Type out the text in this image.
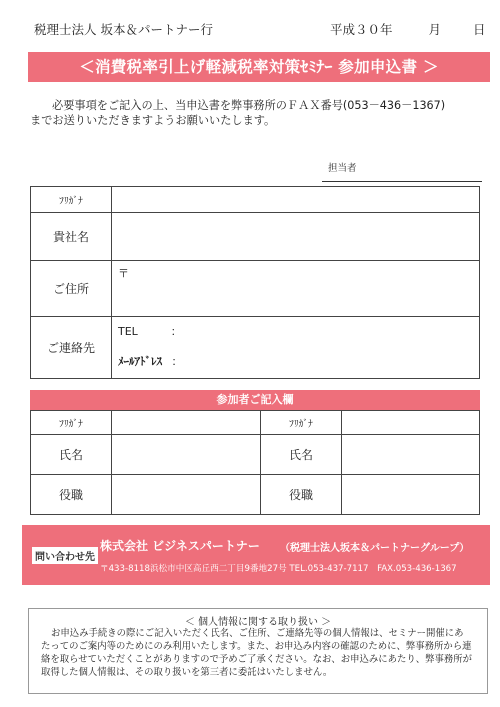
税理士法人 坂本＆パートナー行	平成３０年	月	日
＜消費税率引上げ軽減税率対策ｾﾐﾅｰ 参加申込書 ＞

必要事項をご記入の上、当申込書を弊事務所のＦＡＸ番号(053－436－1367)

までお送りいただきますようお願いいたします。

担当者
ﾌﾘｶﾞﾅ	
貴社名	
ご住所	〒
ご連絡先	TEL　　　：
ﾒｰﾙｱﾄﾞﾚｽ ：
参加者ご記入欄
ﾌﾘｶﾞﾅ		ﾌﾘｶﾞﾅ	
氏名		氏名	
役職		役職	
問い合わせ先
株式会社 ビジネスパートナー （税理士法人坂本＆パートナーグループ）
〒433-8118浜松市中区高丘西二丁目9番地27号 TEL.053-437-7117　FAX.053-436-1367
＜ 個人情報に関する取り扱い ＞

お申込み手続きの際にご記入いただく氏名、ご住所、ご連絡先等の個人情報は、セミナー開催にあ

たってのご案内等のためにのみ利用いたします。また、お申込み内容の確認のために、弊事務所から連

絡を取らせていただくことがありますので予めご了承ください。なお、お申込みにあたり、弊事務所が

取得した個人情報は、その取り扱いを第三者に委託はいたしません。
